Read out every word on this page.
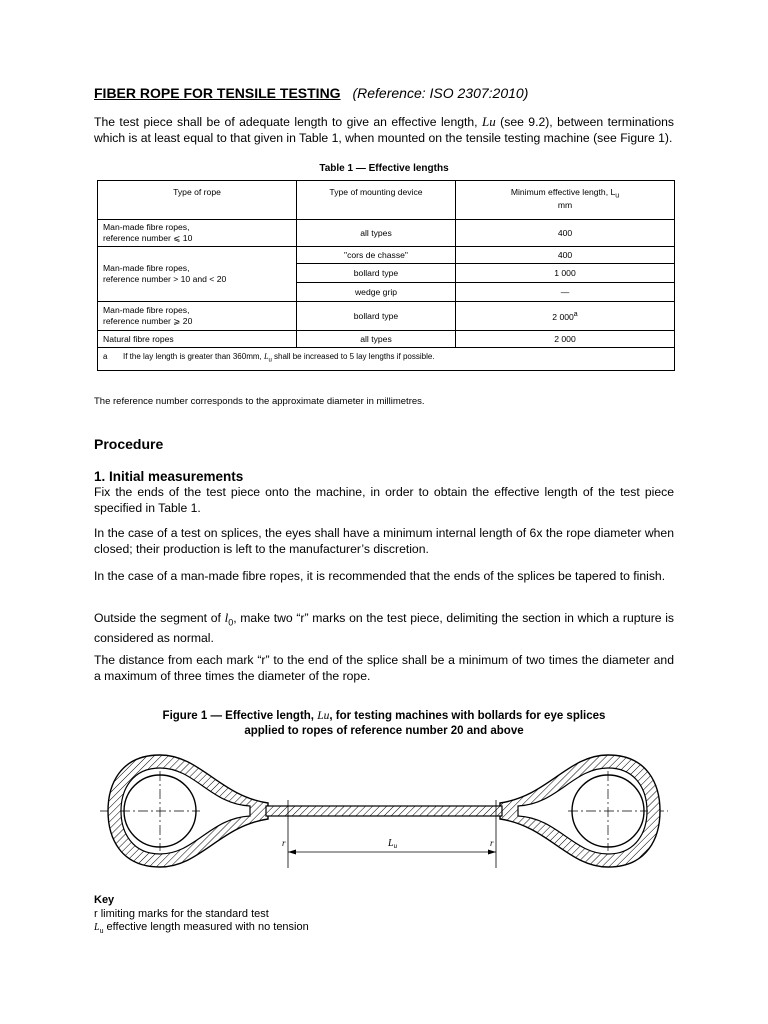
FIBER ROPE FOR TENSILE TESTING (Reference: ISO 2307:2010)
The test piece shall be of adequate length to give an effective length, Lu (see 9.2), between terminations which is at least equal to that given in Table 1, when mounted on the tensile testing machine (see Figure 1).
Table 1 — Effective lengths
Type of rope	Type of mounting device	Minimum effective length, $L_u$
mm
Man-made fibre ropes,
reference number ⩽ 10	all types	400
Man-made fibre ropes,
reference number > 10 and < 20	"cors de chasse"	400
	bollard type	1 000
	wedge grip	—
Man-made fibre ropes,
reference number ⩾ 20	bollard type	2 000$^a$
Natural fibre ropes	all types	2 000
a If the lay length is greater than 360mm, $L_u$ shall be increased to 5 lay lengths if possible.		
The reference number corresponds to the approximate diameter in millimetres.
Procedure
1. Initial measurements
Fix the ends of the test piece onto the machine, in order to obtain the effective length of the test piece specified in Table 1.
In the case of a test on splices, the eyes shall have a minimum internal length of 6x the rope diameter when closed; their production is left to the manufacturer’s discretion.
In the case of a man-made fibre ropes, it is recommended that the ends of the splices be tapered to finish.
Outside the segment of $l_0$, make two “r” marks on the test piece, delimiting the section in which a rupture is considered as normal.
The distance from each mark “r” to the end of the splice shall be a minimum of two times the diameter and a maximum of three times the diameter of the rope.
Figure 1 — Effective length, Lu, for testing machines with bollards for eye splices
applied to ropes of reference number 20 and above
r	r
$L_u$
Key
r limiting marks for the standard test
$L_u$ effective length measured with no tension
